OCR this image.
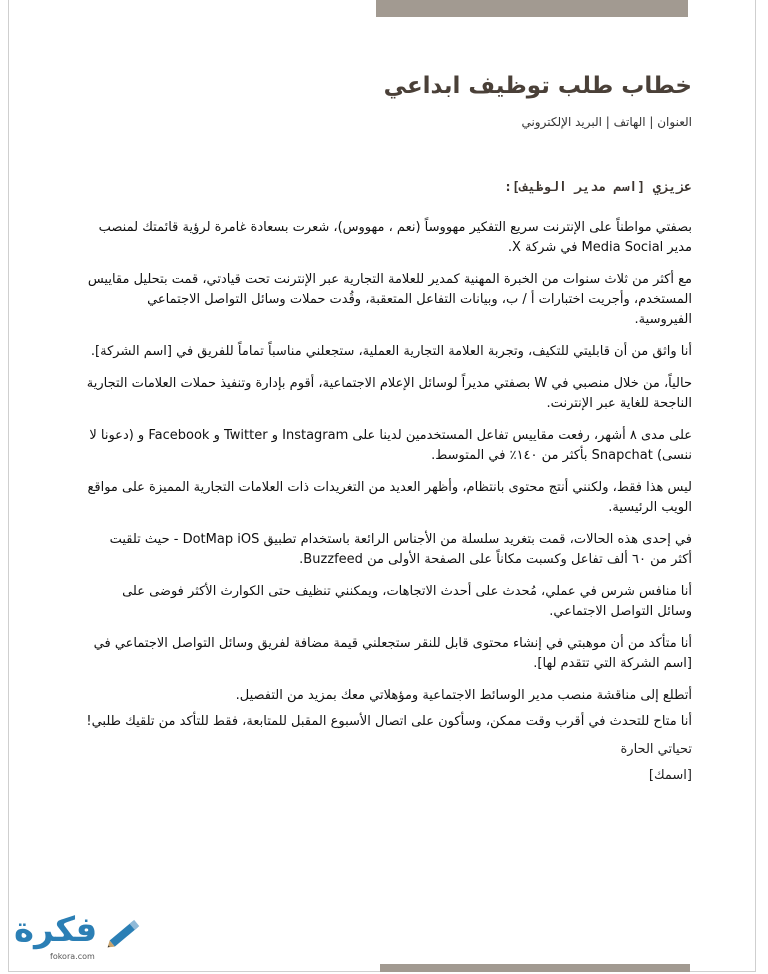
خطاب طلب توظيف ابداعي
العنوان | الهاتف | البريد الإلكتروني
عزيزي [اسم مدير الوظيف]:

بصفتي مواطناً على الإنترنت سريع التفكير مهووساً (نعم ، مهووس)، شعرت بسعادة غامرة لرؤية قائمتك لمنصب مدير Media Social في شركة X.

مع أكثر من ثلاث سنوات من الخبرة المهنية كمدير للعلامة التجارية عبر الإنترنت تحت قيادتي، قمت بتحليل مقاييس المستخدم، وأجريت اختبارات أ / ب، وبيانات التفاعل المتعقبة، وقُدت حملات وسائل التواصل الاجتماعي الفيروسية.

أنا واثق من أن قابليتي للتكيف، وتجربة العلامة التجارية العملية، ستجعلني مناسباً تماماً للفريق في [اسم الشركة].

حالياً، من خلال منصبي في W بصفتي مديراً لوسائل الإعلام الاجتماعية، أقوم بإدارة وتنفيذ حملات العلامات التجارية الناجحة للغاية عبر الإنترنت.

على مدى ٨ أشهر، رفعت مقاييس تفاعل المستخدمين لدينا على Instagram و Twitter و Facebook و (دعونا لا ننسى) Snapchat بأكثر من ١٤٠٪ في المتوسط.

ليس هذا فقط، ولكنني أنتج محتوى بانتظام، وأظهر العديد من التغريدات ذات العلامات التجارية المميزة على مواقع الويب الرئيسية.

في إحدى هذه الحالات، قمت بتغريد سلسلة من الأجناس الرائعة باستخدام تطبيق DotMap iOS - حيث تلقيت أكثر من ٦٠ ألف تفاعل وكسبت مكاناً على الصفحة الأولى من Buzzfeed.

أنا منافس شرس في عملي، مُحدث على أحدث الاتجاهات، ويمكنني تنظيف حتى الكوارث الأكثر فوضى على وسائل التواصل الاجتماعي.

أنا متأكد من أن موهبتي في إنشاء محتوى قابل للنقر ستجعلني قيمة مضافة لفريق وسائل التواصل الاجتماعي في [اسم الشركة التي تتقدم لها].

أتطلع إلى مناقشة منصب مدير الوسائط الاجتماعية ومؤهلاتي معك بمزيد من التفصيل.

أنا متاح للتحدث في أقرب وقت ممكن، وسأكون على اتصال الأسبوع المقبل للمتابعة، فقط للتأكد من تلقيك طلبي!

تحياتي الحارة
[اسمك]
فكرة
fokora.com
